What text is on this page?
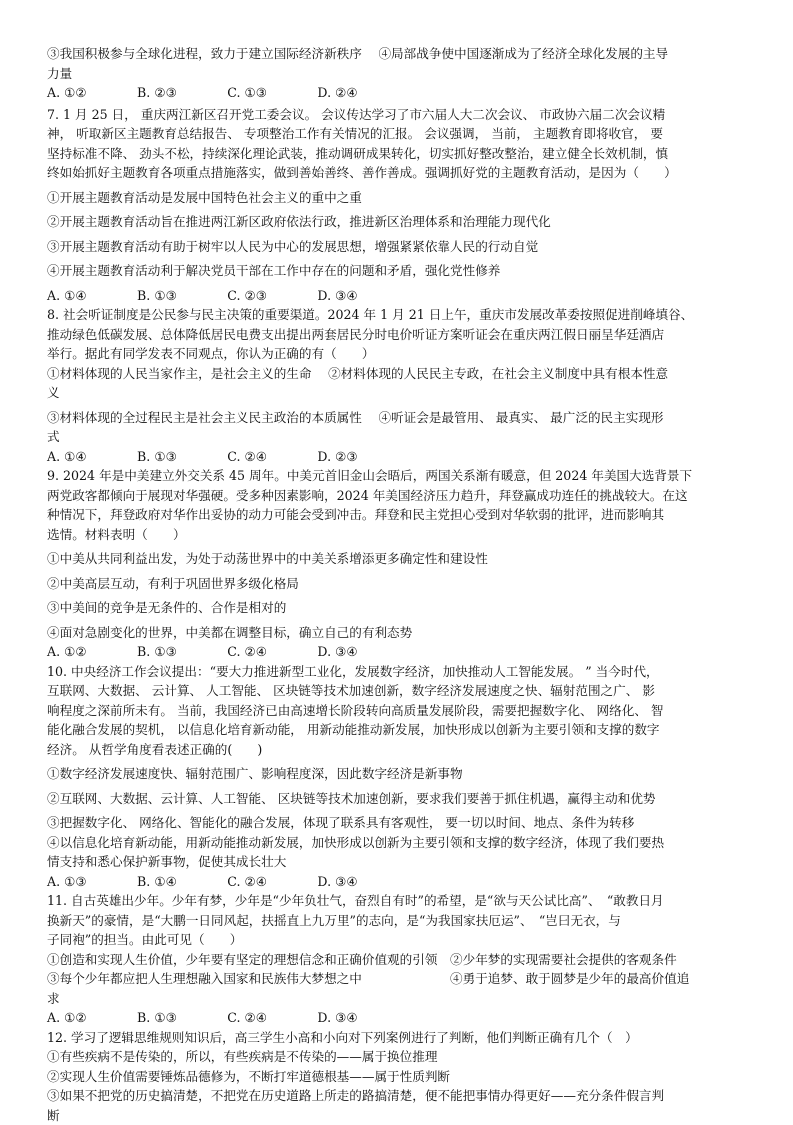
③我国积极参与全球化进程，致力于建立国际经济新秩序　 ④局部战争使中国逐渐成为了经济全球化发展的主导
力量
A. ①②　　　　B. ②③　　　　C. ①③　　　　D. ②④
7. 1 月 25 日， 重庆两江新区召开党工委会议。 会议传达学习了市六届人大二次会议、 市政协六届二次会议精
神， 听取新区主题教育总结报告、 专项整治工作有关情况的汇报。 会议强调， 当前， 主题教育即将收官， 要
坚持标准不降、 劲头不松，持续深化理论武装，推动调研成果转化，切实抓好整改整治，建立健全长效机制，慎
终如始抓好主题教育各项重点措施落实，做到善始善终、善作善成。强调抓好党的主题教育活动，是因为（　　）
①开展主题教育活动是发展中国特色社会主义的重中之重
②开展主题教育活动旨在推进两江新区政府依法行政，推进新区治理体系和治理能力现代化
③开展主题教育活动有助于树牢以人民为中心的发展思想，增强紧紧依靠人民的行动自觉
④开展主题教育活动利于解决党员干部在工作中存在的问题和矛盾，强化党性修养
A. ①④　　　　B. ①③　　　　C. ②③　　　　D. ③④
8. 社会听证制度是公民参与民主决策的重要渠道。2024 年 1 月 21 日上午，重庆市发展改革委按照促进削峰填谷、
推动绿色低碳发展、总体降低居民电费支出提出两套居民分时电价听证方案听证会在重庆两江假日丽呈华廷酒店
举行。据此有同学发表不同观点，你认为正确的有（　　）
①材料体现的人民当家作主，是社会主义的生命　 ②材料体现的人民民主专政，在社会主义制度中具有根本性意
义
③材料体现的全过程民主是社会主义民主政治的本质属性　 ④听证会是最管用、 最真实、 最广泛的民主实现形
式
A. ①④　　　　B. ①③　　　　C. ②④　　　　D. ②③
9. 2024 年是中美建立外交关系 45 周年。中美元首旧金山会晤后，两国关系渐有暖意，但 2024 年美国大选背景下
两党政客都倾向于展现对华强硬。受多种因素影响，2024 年美国经济压力趋升，拜登赢成功连任的挑战较大。在这
种情况下，拜登政府对华作出妥协的动力可能会受到冲击。拜登和民主党担心受到对华软弱的批评，进而影响其
选情。材料表明（　　）
①中美从共同利益出发，为处于动荡世界中的中美关系增添更多确定性和建设性
②中美高层互动，有利于巩固世界多级化格局
③中美间的竞争是无条件的、合作是相对的
④面对急剧变化的世界，中美都在调整目标，确立自己的有利态势
A. ①②　　　　B. ①③　　　　C. ②④　　　　D. ③④
10. 中央经济工作会议提出：“要大力推进新型工业化，发展数字经济，加快推动人工智能发展。 ” 当今时代，
互联网、大数据、 云计算、 人工智能、 区块链等技术加速创新，数字经济发展速度之快、辐射范围之广、 影
响程度之深前所未有。 当前，我国经济已由高速增长阶段转向高质量发展阶段，需要把握数字化、 网络化、 智
能化融合发展的契机， 以信息化培育新动能， 用新动能推动新发展，加快形成以创新为主要引领和支撑的数字
经济。 从哲学角度看表述正确的(　　)
①数字经济发展速度快、辐射范围广、影响程度深，因此数字经济是新事物
②互联网、大数据、云计算、人工智能、 区块链等技术加速创新，要求我们要善于抓住机遇，赢得主动和优势
③把握数字化、 网络化、智能化的融合发展，体现了联系具有客观性， 要一切以时间、地点、条件为转移
④以信息化培育新动能，用新动能推动新发展，加快形成以创新为主要引领和支撑的数字经济，体现了我们要热
情支持和悉心保护新事物，促使其成长壮大
A. ①③　　　　B. ①④　　　　C. ②④　　　　D. ③④
11. 自古英雄出少年。少年有梦，少年是“少年负壮气，奋烈自有时”的希望，是“欲与天公试比高”、　“敢教日月
换新天”的豪情，是“大鹏一日同风起，扶摇直上九万里”的志向，是“为我国家扶厄运”、　“岂曰无衣，与
子同袍”的担当。由此可见（　　）
①创造和实现人生价值，少年要有坚定的理想信念和正确价值观的引领　②少年梦的实现需要社会提供的客观条件
③每个少年都应把人生理想融入国家和民族伟大梦想之中　　　　　　　④勇于追梦、敢于圆梦是少年的最高价值追
求
A. ①②　　　　B. ①③　　　　C. ②④　　　　D. ③④
12. 学习了逻辑思维规则知识后，高三学生小高和小向对下列案例进行了判断，他们判断正确有几个（　）
①有些疾病不是传染的，所以，有些疾病是不传染的——属于换位推理
②实现人生价值需要锤炼品德修为，不断打牢道德根基——属于性质判断
③如果不把党的历史搞清楚，不把党在历史道路上所走的路搞清楚，便不能把事情办得更好——充分条件假言判
断
